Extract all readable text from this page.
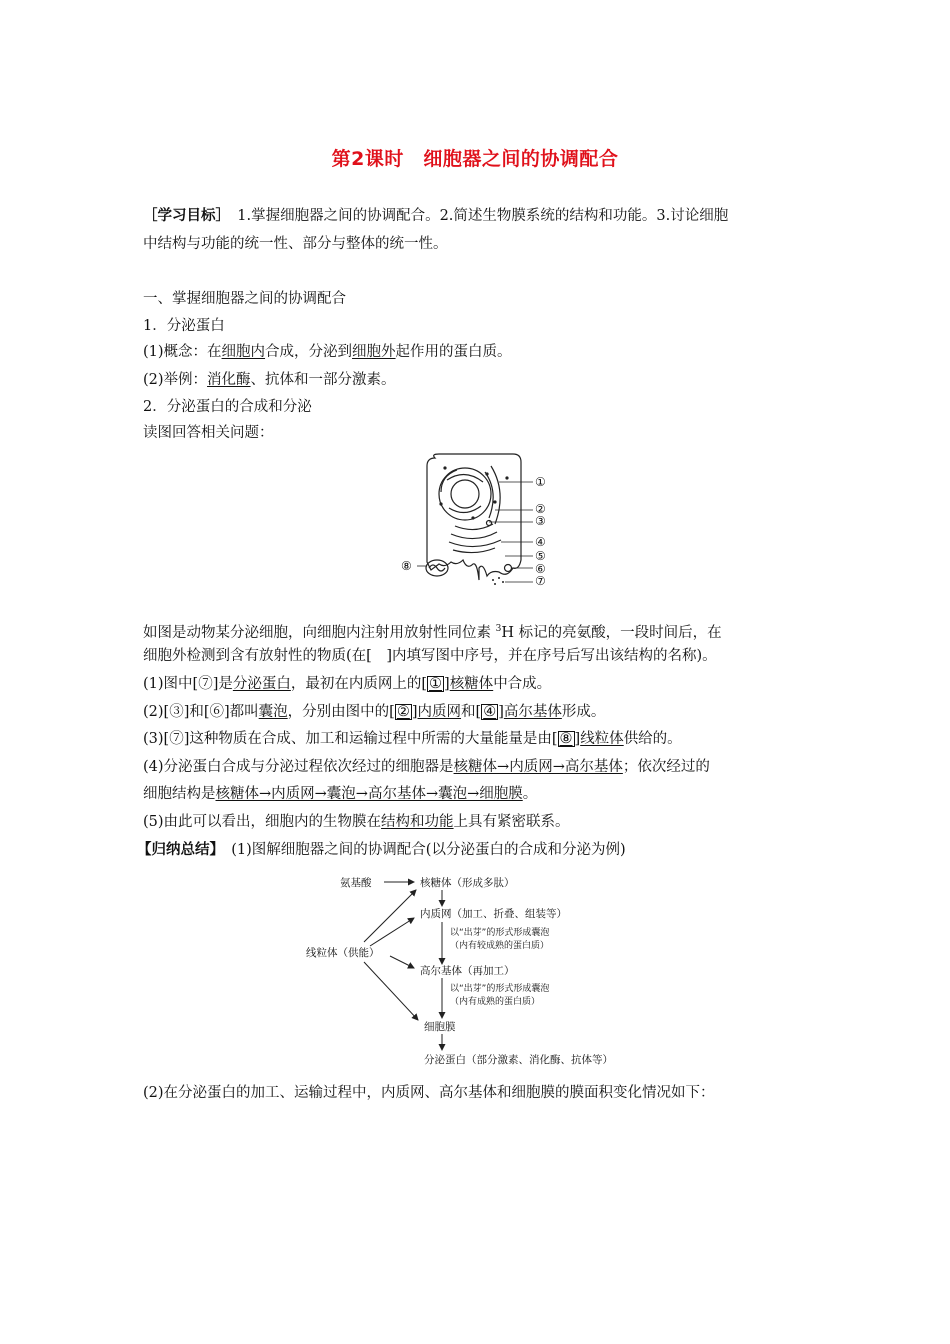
第2课时　细胞器之间的协调配合
［学习目标］　1.掌握细胞器之间的协调配合。2.简述生物膜系统的结构和功能。3.讨论细胞
中结构与功能的统一性、部分与整体的统一性。
一、掌握细胞器之间的协调配合
1．分泌蛋白
(1)概念：在细胞内合成，分泌到细胞外起作用的蛋白质。
(2)举例：消化酶、抗体和一部分激素。
2．分泌蛋白的合成和分泌
读图回答相关问题：
①
②
③
④
⑤
⑥
⑦
⑧
如图是动物某分泌细胞，向细胞内注射用放射性同位素 $^3$H 标记的亮氨酸，一段时间后，在
细胞外检测到含有放射性的物质(在[　]内填写图中序号，并在序号后写出该结构的名称)。
(1)图中[⑦]是分泌蛋白，最初在内质网上的[ ① ]核糖体中合成。
(2)[③]和[⑥]都叫囊泡，分别由图中的[ ② ]内质网和[ ④ ]高尔基体形成。
(3)[⑦]这种物质在合成、加工和运输过程中所需的大量能量是由[ ⑧ ]线粒体供给的。
(4)分泌蛋白合成与分泌过程依次经过的细胞器是核糖体→内质网→高尔基体；依次经过的
细胞结构是核糖体→内质网→囊泡→高尔基体→囊泡→细胞膜。
(5)由此可以看出，细胞内的生物膜在结构和功能上具有紧密联系。
【归纳总结】　(1)图解细胞器之间的协调配合(以分泌蛋白的合成和分泌为例)
氨基酸	核糖体（形成多肽）
内质网（加工、折叠、组装等）
以“出芽”的形式形成囊泡
（内有较成熟的蛋白质）
线粒体（供能）
高尔基体（再加工）
以“出芽”的形式形成囊泡
（内有成熟的蛋白质）
细胞膜
分泌蛋白（部分激素、消化酶、抗体等）
(2)在分泌蛋白的加工、运输过程中，内质网、高尔基体和细胞膜的膜面积变化情况如下：
